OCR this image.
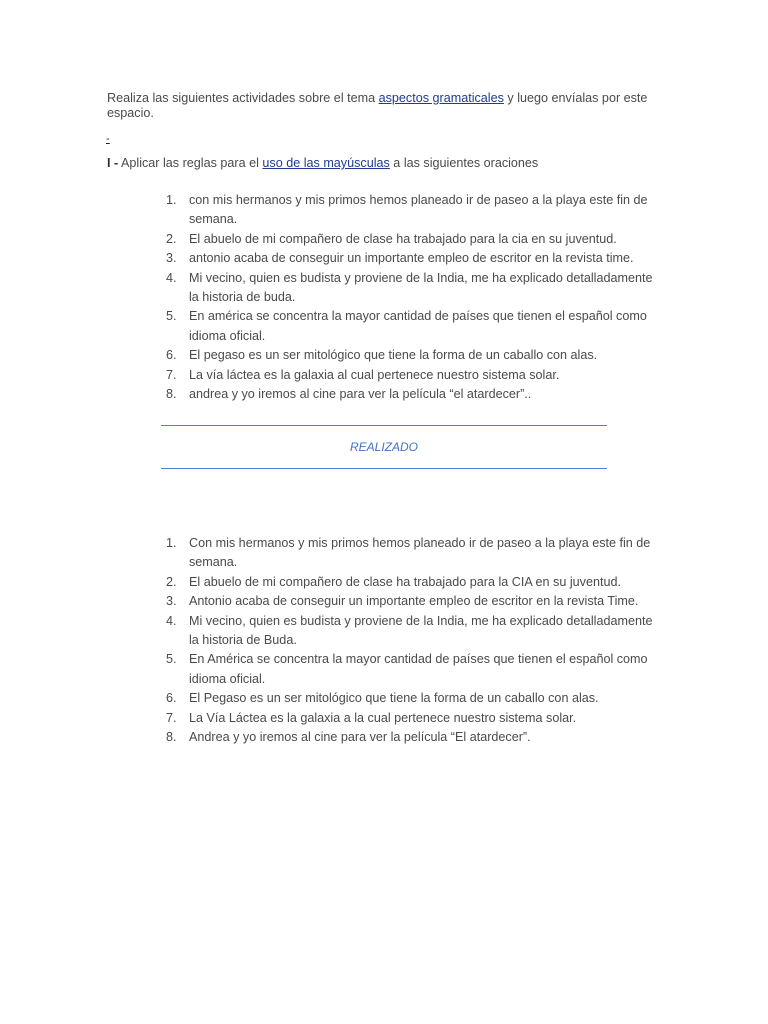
Realiza las siguientes actividades sobre el tema aspectos gramaticales y luego envíalas por este espacio.
-
I - Aplicar las reglas para el uso de las mayúsculas a las siguientes oraciones
1. con mis hermanos y mis primos hemos planeado ir de paseo a la playa este fin de semana.
2. El abuelo de mi compañero de clase ha trabajado para la cia en su juventud.
3. antonio acaba de conseguir un importante empleo de escritor en la revista time.
4. Mi vecino, quien es budista y proviene de la India, me ha explicado detalladamente la historia de buda.
5. En américa se concentra la mayor cantidad de países que tienen el español como idioma oficial.
6. El pegaso es un ser mitológico que tiene la forma de un caballo con alas.
7. La vía láctea es la galaxia al cual pertenece nuestro sistema solar.
8. andrea y yo iremos al cine para ver la película “el atardecer”..
REALIZADO
1. Con mis hermanos y mis primos hemos planeado ir de paseo a la playa este fin de semana.
2. El abuelo de mi compañero de clase ha trabajado para la CIA en su juventud.
3. Antonio acaba de conseguir un importante empleo de escritor en la revista Time.
4. Mi vecino, quien es budista y proviene de la India, me ha explicado detalladamente la historia de Buda.
5. En América se concentra la mayor cantidad de países que tienen el español como idioma oficial.
6. El Pegaso es un ser mitológico que tiene la forma de un caballo con alas.
7. La Vía Láctea es la galaxia a la cual pertenece nuestro sistema solar.
8. Andrea y yo iremos al cine para ver la película “El atardecer”.
